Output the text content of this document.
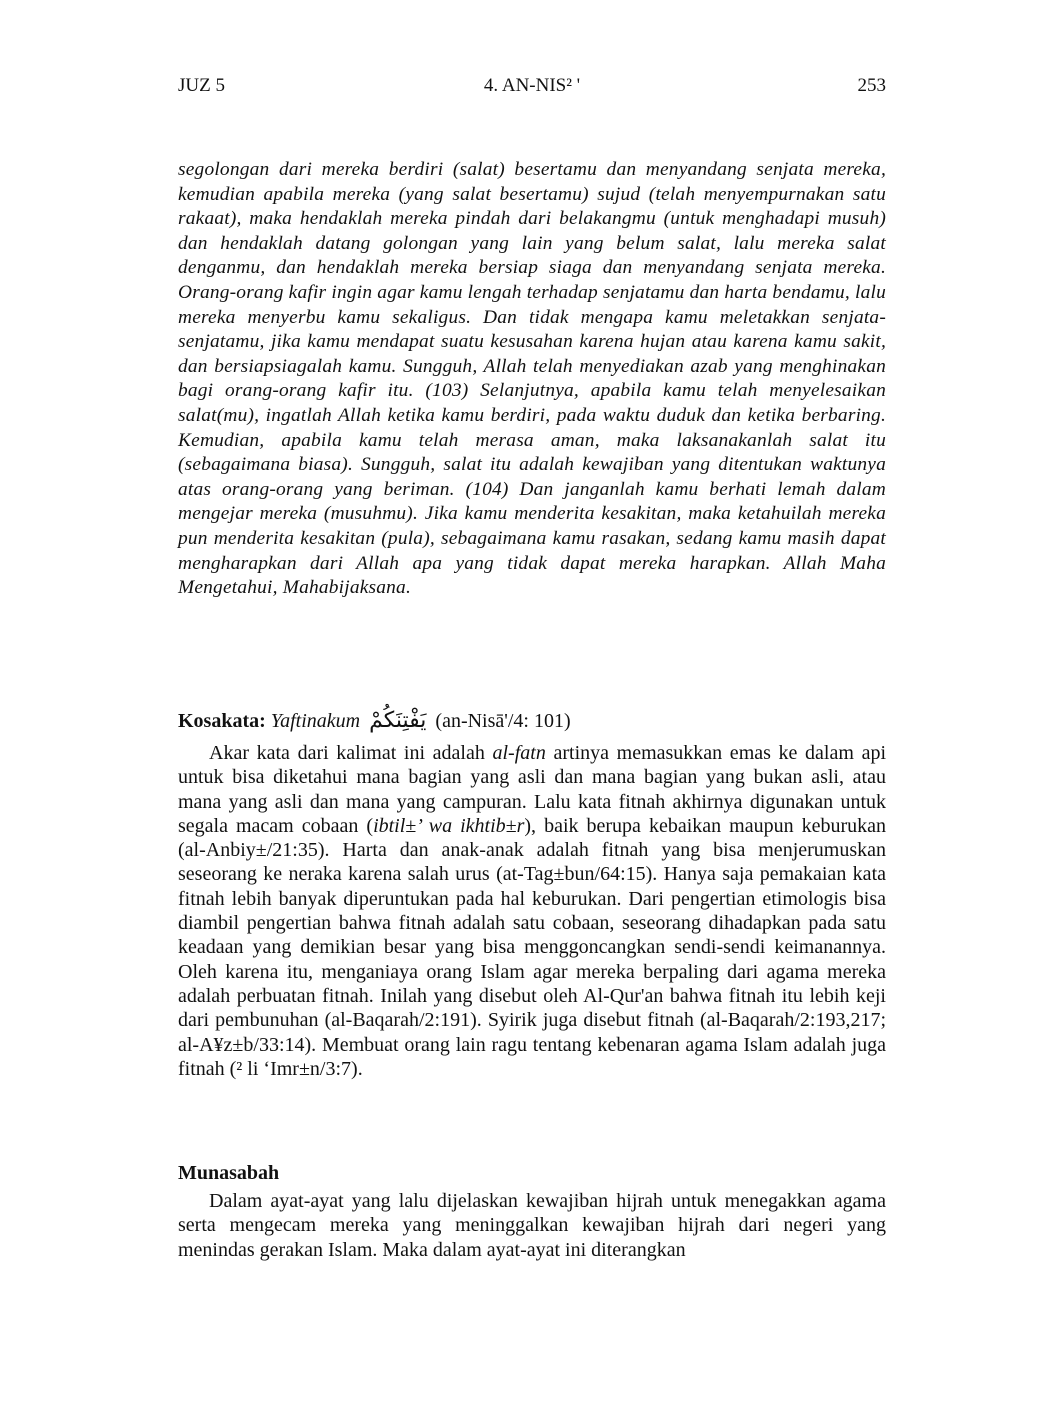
JUZ 5	4. AN-NIS² '	253

segolongan dari mereka berdiri (salat) besertamu dan menyandang senjata mereka, kemudian apabila mereka (yang salat besertamu) sujud (telah menyempurnakan satu rakaat), maka hendaklah mereka pindah dari belakangmu (untuk menghadapi musuh) dan hendaklah datang golongan yang lain yang belum salat, lalu mereka salat denganmu, dan hendaklah mereka bersiap siaga dan menyandang senjata mereka. Orang-orang kafir ingin agar kamu lengah terhadap senjatamu dan harta bendamu, lalu mereka menyerbu kamu sekaligus. Dan tidak mengapa kamu meletakkan senjata-senjatamu, jika kamu mendapat suatu kesusahan karena hujan atau karena kamu sakit, dan bersiapsiagalah kamu. Sungguh, Allah telah menyediakan azab yang menghinakan bagi orang-orang kafir itu. (103) Selanjutnya, apabila kamu telah menyelesaikan salat(mu), ingatlah Allah ketika kamu berdiri, pada waktu duduk dan ketika berbaring. Kemudian, apabila kamu telah merasa aman, maka laksanakanlah salat itu (sebagaimana biasa). Sungguh, salat itu adalah kewajiban yang ditentukan waktunya atas orang-orang yang beriman. (104) Dan janganlah kamu berhati lemah dalam mengejar mereka (musuhmu). Jika kamu menderita kesakitan, maka ketahuilah mereka pun menderita kesakitan (pula), sebagaimana kamu rasakan, sedang kamu masih dapat mengharapkan dari Allah apa yang tidak dapat mereka harapkan. Allah Maha Mengetahui, Mahabijaksana.

Kosakata: Yaftinakum يَفْتِنَكُمْ (an-Nisā'/4: 101)

Akar kata dari kalimat ini adalah al-fatn artinya memasukkan emas ke dalam api untuk bisa diketahui mana bagian yang asli dan mana bagian yang bukan asli, atau mana yang asli dan mana yang campuran. Lalu kata fitnah akhirnya digunakan untuk segala macam cobaan (ibtil±’ wa ikhtib±r), baik berupa kebaikan maupun keburukan (al-Anbiy±/21:35). Harta dan anak-anak adalah fitnah yang bisa menjerumuskan seseorang ke neraka karena salah urus (at-Tag±bun/64:15). Hanya saja pemakaian kata fitnah lebih banyak diperuntukan pada hal keburukan. Dari pengertian etimologis bisa diambil pengertian bahwa fitnah adalah satu cobaan, seseorang dihadapkan pada satu keadaan yang demikian besar yang bisa menggoncangkan sendi-sendi keimanannya. Oleh karena itu, menganiaya orang Islam agar mereka berpaling dari agama mereka adalah perbuatan fitnah. Inilah yang disebut oleh Al-Qur'an bahwa fitnah itu lebih keji dari pembunuhan (al-Baqarah/2:191). Syirik juga disebut fitnah (al-Baqarah/2:193,217; al-A¥z±b/33:14). Membuat orang lain ragu tentang kebenaran agama Islam adalah juga fitnah (² li ‘Imr±n/3:7).

Munasabah

Dalam ayat-ayat yang lalu dijelaskan kewajiban hijrah untuk menegakkan agama serta mengecam mereka yang meninggalkan kewajiban hijrah dari negeri yang menindas gerakan Islam. Maka dalam ayat-ayat ini diterangkan
